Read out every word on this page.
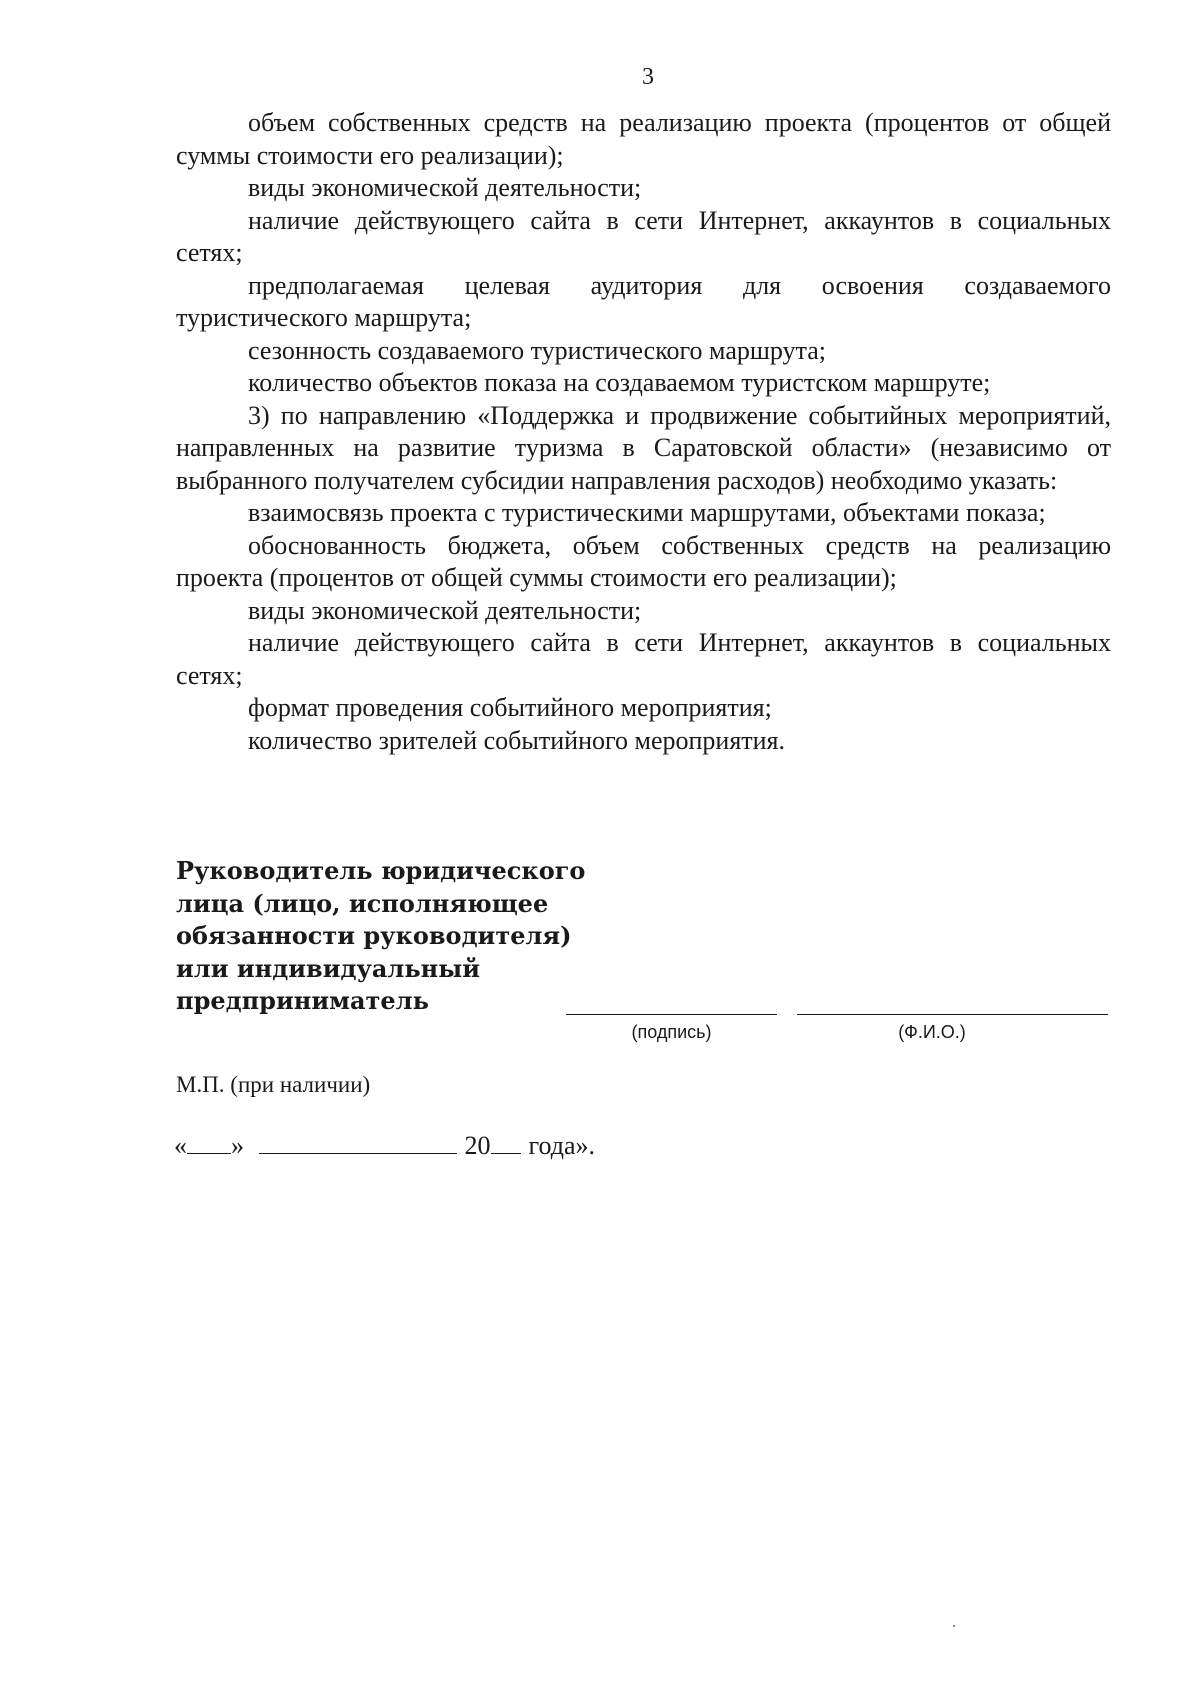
3

объем собственных средств на реализацию проекта (процентов от общей суммы стоимости его реализации);

виды экономической деятельности;

наличие действующего сайта в сети Интернет, аккаунтов в социальных сетях;

предполагаемая целевая аудитория для освоения создаваемого туристического маршрута;

сезонность создаваемого туристического маршрута;

количество объектов показа на создаваемом туристском маршруте;

3) по направлению «Поддержка и продвижение событийных мероприятий, направленных на развитие туризма в Саратовской области» (независимо от выбранного получателем субсидии направления расходов) необходимо указать:

взаимосвязь проекта с туристическими маршрутами, объектами показа;

обоснованность бюджета, объем собственных средств на реализацию проекта (процентов от общей суммы стоимости его реализации);

виды экономической деятельности;

наличие действующего сайта в сети Интернет, аккаунтов в социальных сетях;

формат проведения событийного мероприятия;

количество зрителей событийного мероприятия.

Руководитель юридического
лица (лицо, исполняющее
обязанности руководителя)
или индивидуальный
предприниматель
(подпись)	(Ф.И.О.)
М.П. (при наличии)
« »	20 года».
